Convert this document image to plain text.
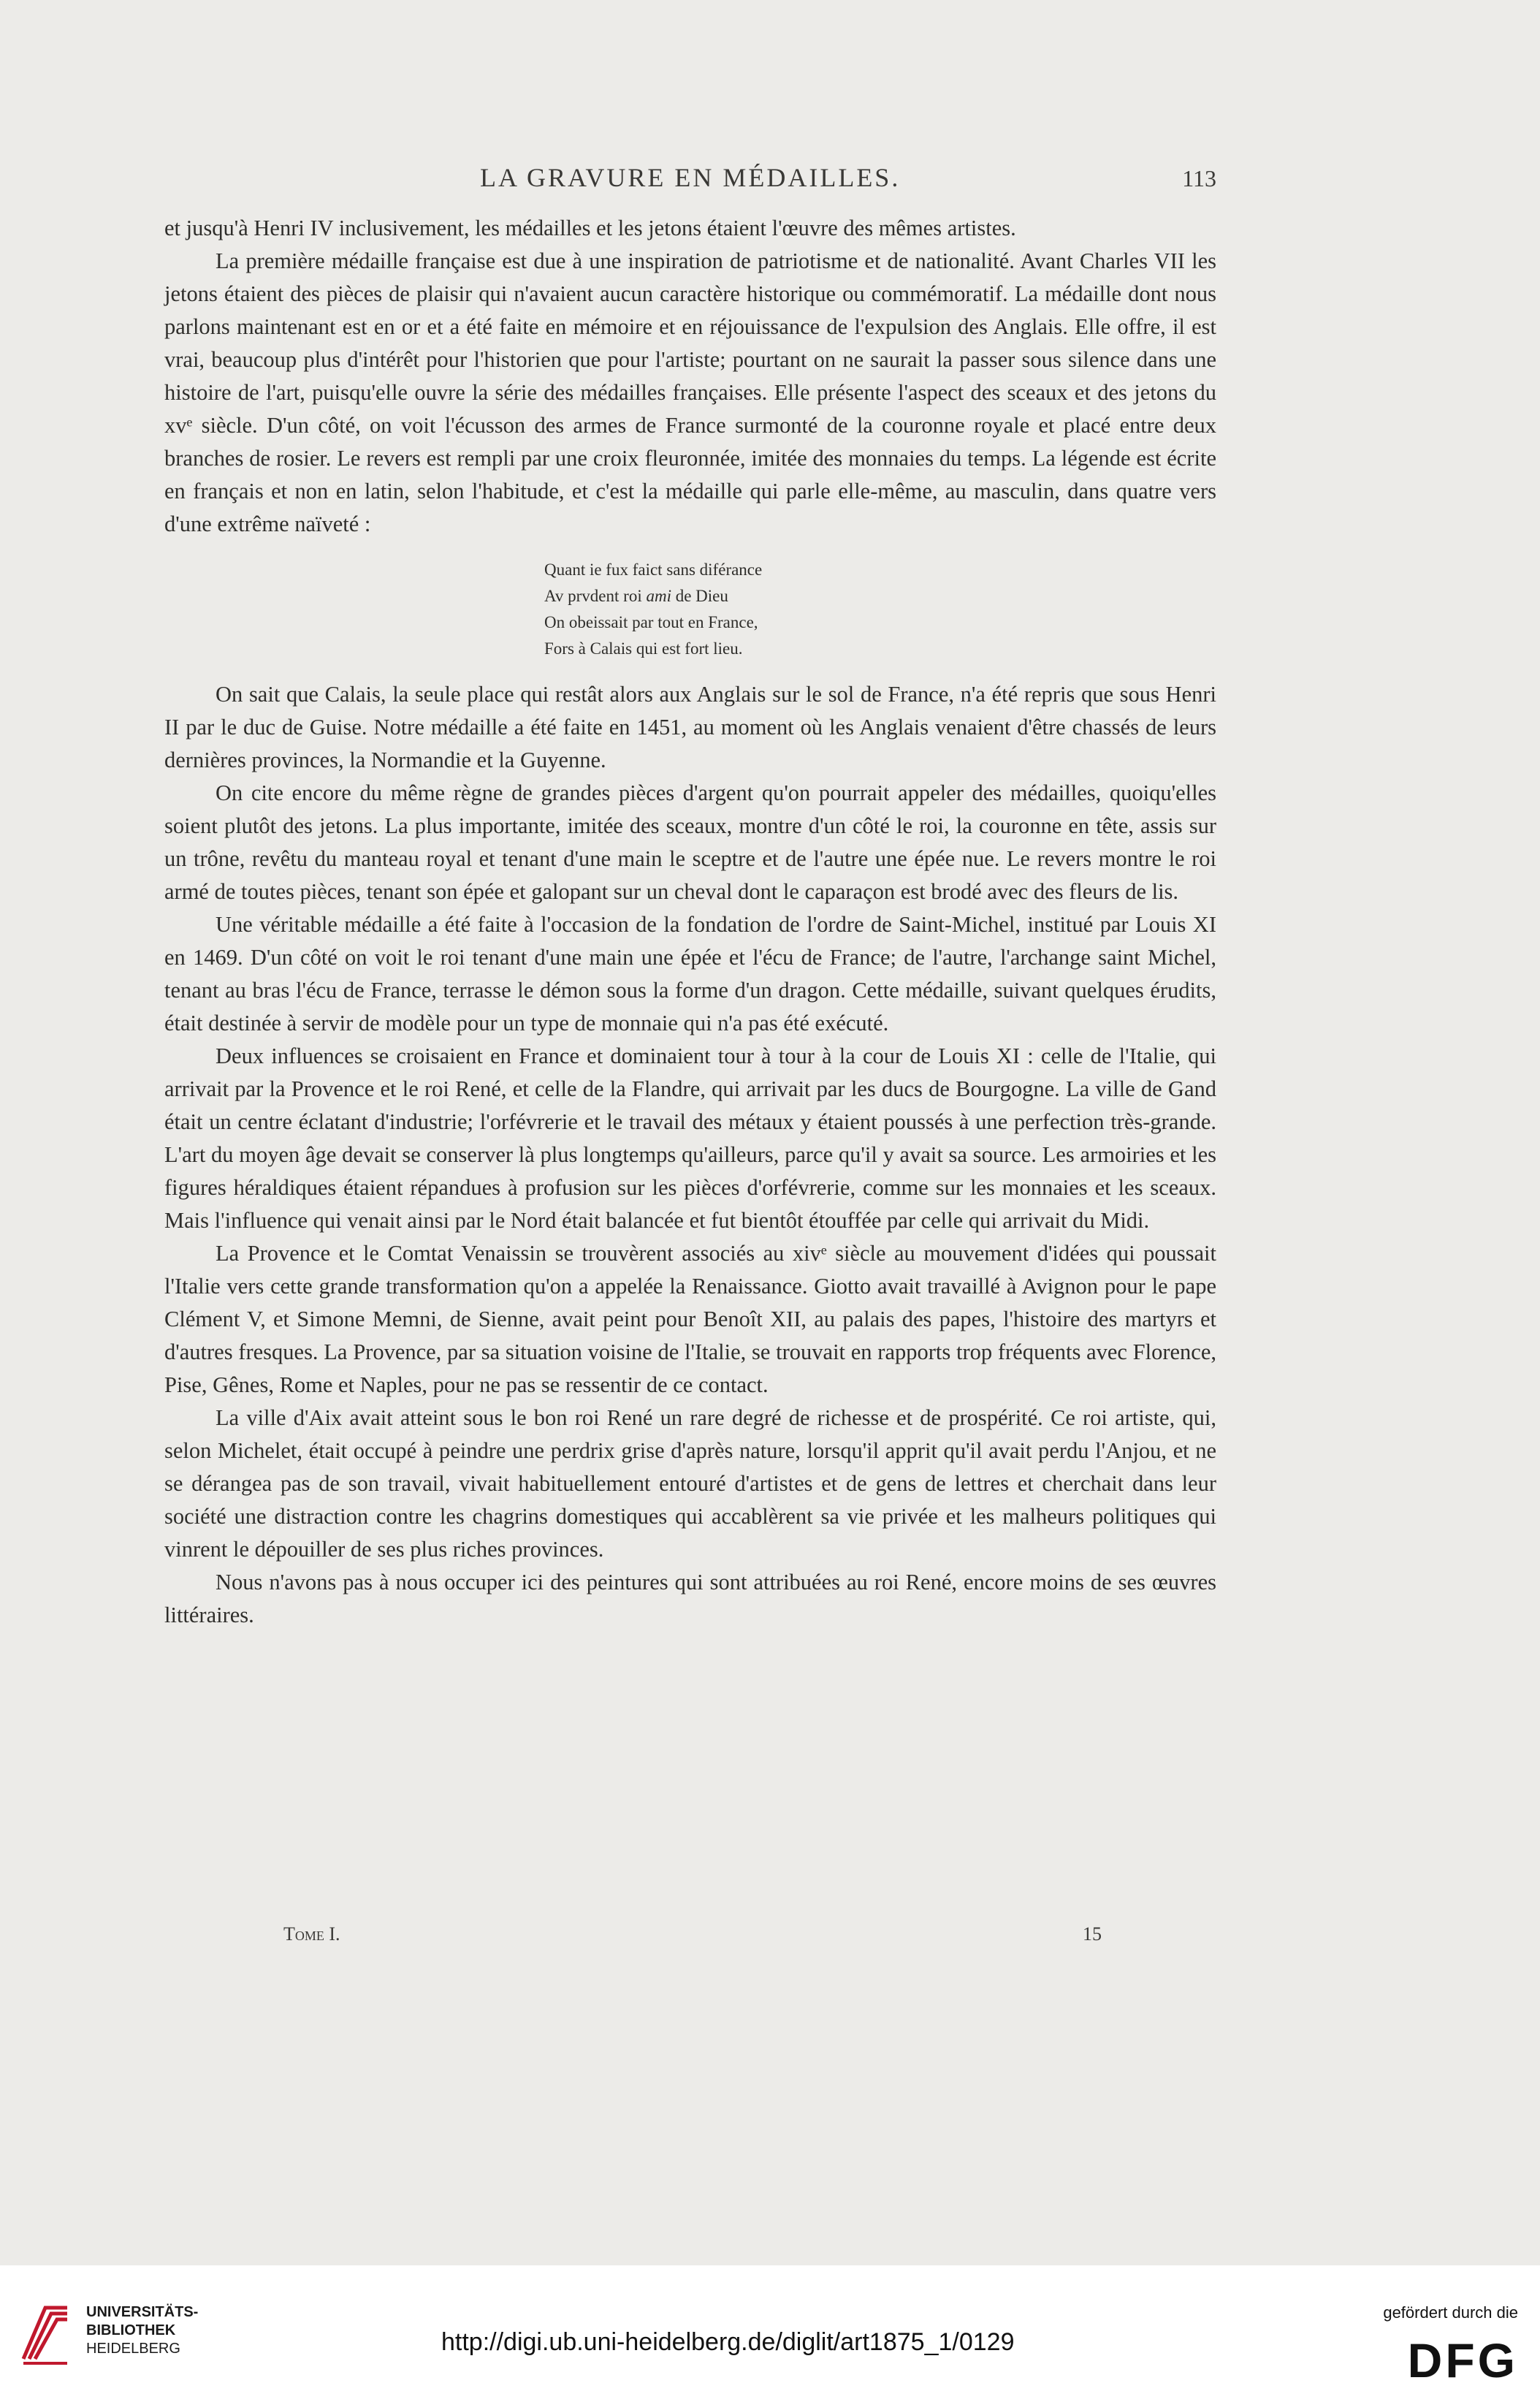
LA GRAVURE EN MÉDAILLES.	113

et jusqu'à Henri IV inclusivement, les médailles et les jetons étaient l'œuvre des mêmes artistes.

La première médaille française est due à une inspiration de patriotisme et de nationalité. Avant Charles VII les jetons étaient des pièces de plaisir qui n'avaient aucun caractère historique ou commémoratif. La médaille dont nous parlons maintenant est en or et a été faite en mémoire et en réjouissance de l'expulsion des Anglais. Elle offre, il est vrai, beaucoup plus d'intérêt pour l'historien que pour l'artiste; pourtant on ne saurait la passer sous silence dans une histoire de l'art, puisqu'elle ouvre la série des médailles françaises. Elle présente l'aspect des sceaux et des jetons du xvᵉ siècle. D'un côté, on voit l'écusson des armes de France surmonté de la couronne royale et placé entre deux branches de rosier. Le revers est rempli par une croix fleuronnée, imitée des monnaies du temps. La légende est écrite en français et non en latin, selon l'habitude, et c'est la médaille qui parle elle-même, au masculin, dans quatre vers d'une extrême naïveté :

Quant ie fux faict sans diférance
Av prvdent roi ami de Dieu
On obeissait par tout en France,
Fors à Calais qui est fort lieu.

On sait que Calais, la seule place qui restât alors aux Anglais sur le sol de France, n'a été repris que sous Henri II par le duc de Guise. Notre médaille a été faite en 1451, au moment où les Anglais venaient d'être chassés de leurs dernières provinces, la Normandie et la Guyenne.

On cite encore du même règne de grandes pièces d'argent qu'on pourrait appeler des médailles, quoiqu'elles soient plutôt des jetons. La plus importante, imitée des sceaux, montre d'un côté le roi, la couronne en tête, assis sur un trône, revêtu du manteau royal et tenant d'une main le sceptre et de l'autre une épée nue. Le revers montre le roi armé de toutes pièces, tenant son épée et galopant sur un cheval dont le caparaçon est brodé avec des fleurs de lis.

Une véritable médaille a été faite à l'occasion de la fondation de l'ordre de Saint-Michel, institué par Louis XI en 1469. D'un côté on voit le roi tenant d'une main une épée et l'écu de France; de l'autre, l'archange saint Michel, tenant au bras l'écu de France, terrasse le démon sous la forme d'un dragon. Cette médaille, suivant quelques érudits, était destinée à servir de modèle pour un type de monnaie qui n'a pas été exécuté.

Deux influences se croisaient en France et dominaient tour à tour à la cour de Louis XI : celle de l'Italie, qui arrivait par la Provence et le roi René, et celle de la Flandre, qui arrivait par les ducs de Bourgogne. La ville de Gand était un centre éclatant d'industrie; l'orfévrerie et le travail des métaux y étaient poussés à une perfection très-grande. L'art du moyen âge devait se conserver là plus longtemps qu'ailleurs, parce qu'il y avait sa source. Les armoiries et les figures héraldiques étaient répandues à profusion sur les pièces d'orfévrerie, comme sur les monnaies et les sceaux. Mais l'influence qui venait ainsi par le Nord était balancée et fut bientôt étouffée par celle qui arrivait du Midi.

La Provence et le Comtat Venaissin se trouvèrent associés au xivᵉ siècle au mouvement d'idées qui poussait l'Italie vers cette grande transformation qu'on a appelée la Renaissance. Giotto avait travaillé à Avignon pour le pape Clément V, et Simone Memni, de Sienne, avait peint pour Benoît XII, au palais des papes, l'histoire des martyrs et d'autres fresques. La Provence, par sa situation voisine de l'Italie, se trouvait en rapports trop fréquents avec Florence, Pise, Gênes, Rome et Naples, pour ne pas se ressentir de ce contact.

La ville d'Aix avait atteint sous le bon roi René un rare degré de richesse et de prospérité. Ce roi artiste, qui, selon Michelet, était occupé à peindre une perdrix grise d'après nature, lorsqu'il apprit qu'il avait perdu l'Anjou, et ne se dérangea pas de son travail, vivait habituellement entouré d'artistes et de gens de lettres et cherchait dans leur société une distraction contre les chagrins domestiques qui accablèrent sa vie privée et les malheurs politiques qui vinrent le dépouiller de ses plus riches provinces.

Nous n'avons pas à nous occuper ici des peintures qui sont attribuées au roi René, encore moins de ses œuvres littéraires.

Tome I.	15
UNIVERSITÄTS-
BIBLIOTHEK
HEIDELBERG	http://digi.ub.uni-heidelberg.de/diglit/art1875_1/0129
gefördert durch die
DFG
